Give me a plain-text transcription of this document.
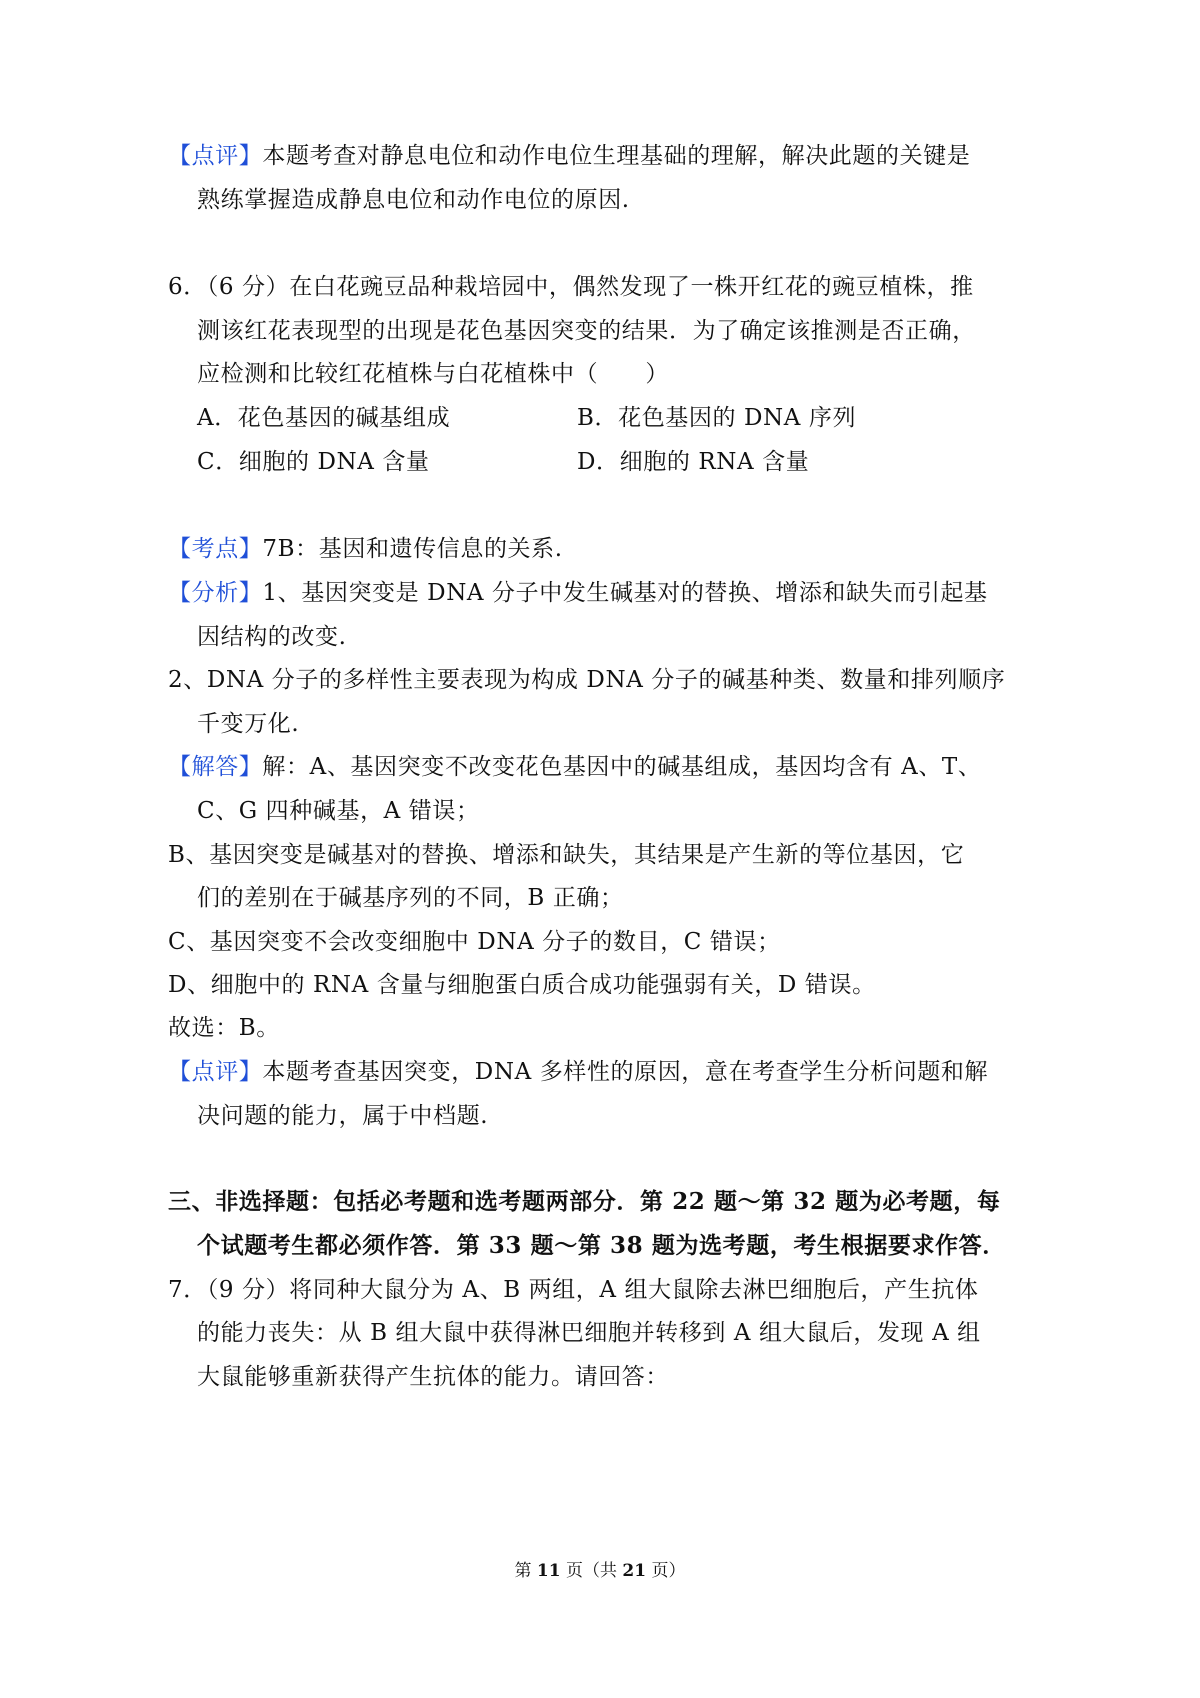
【点评】本题考查对静息电位和动作电位生理基础的理解，解决此题的关键是
熟练掌握造成静息电位和动作电位的原因.
6．（6 分）在白花豌豆品种栽培园中，偶然发现了一株开红花的豌豆植株，推
测该红花表现型的出现是花色基因突变的结果．为了确定该推测是否正确，
应检测和比较红花植株与白花植株中（　　）
A．花色基因的碱基组成	B．花色基因的 DNA 序列
C．细胞的 DNA 含量	D．细胞的 RNA 含量
【考点】7B：基因和遗传信息的关系.
【分析】1、基因突变是 DNA 分子中发生碱基对的替换、增添和缺失而引起基
因结构的改变.
2、DNA 分子的多样性主要表现为构成 DNA 分子的碱基种类、数量和排列顺序
千变万化.
【解答】解：A、基因突变不改变花色基因中的碱基组成，基因均含有 A、T、
C、G 四种碱基，A 错误；
B、基因突变是碱基对的替换、增添和缺失，其结果是产生新的等位基因，它
们的差别在于碱基序列的不同，B 正确；
C、基因突变不会改变细胞中 DNA 分子的数目，C 错误；
D、细胞中的 RNA 含量与细胞蛋白质合成功能强弱有关，D 错误。
故选：B。
【点评】本题考查基因突变，DNA 多样性的原因，意在考查学生分析问题和解
决问题的能力，属于中档题.
三、非选择题：包括必考题和选考题两部分．第 22 题～第 32 题为必考题，每
个试题考生都必须作答．第 33 题～第 38 题为选考题，考生根据要求作答．
7．（9 分）将同种大鼠分为 A、B 两组，A 组大鼠除去淋巴细胞后，产生抗体
的能力丧失：从 B 组大鼠中获得淋巴细胞并转移到 A 组大鼠后，发现 A 组
大鼠能够重新获得产生抗体的能力。请回答：
第 11 页（共 21 页）
